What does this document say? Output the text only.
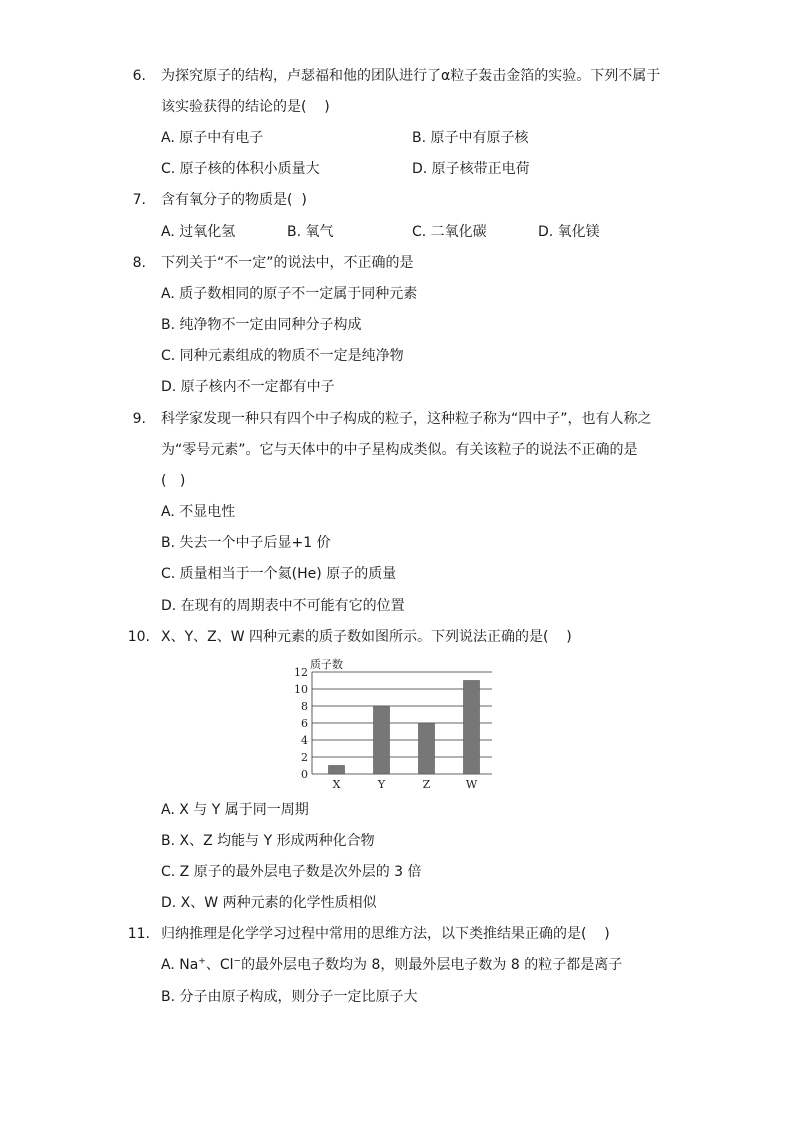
6. 为探究原子的结构，卢瑟福和他的团队进行了α粒子轰击金箔的实验。下列不属于
该实验获得的结论的是(    )
A. 原子中有电子	B. 原子中有原子核
C. 原子核的体积小质量大	D. 原子核带正电荷
7. 含有氧分子的物质是(  )
A. 过氧化氢	B. 氧气	C. 二氧化碳	D. 氧化镁
8. 下列关于“不一定”的说法中，不正确的是
A. 质子数相同的原子不一定属于同种元素
B. 纯净物不一定由同种分子构成
C. 同种元素组成的物质不一定是纯净物
D. 原子核内不一定都有中子
9. 科学家发现一种只有四个中子构成的粒子，这种粒子称为“四中子”，也有人称之
为“零号元素”。它与天体中的中子星构成类似。有关该粒子的说法不正确的是
(   )
A. 不显电性
B. 失去一个中子后显+1 价
C. 质量相当于一个氦(He) 原子的质量
D. 在现有的周期表中不可能有它的位置
10. X、Y、Z、W 四种元素的质子数如图所示。下列说法正确的是(    )
质子数
0
2
4
6
8
10
12
X	Y	Z	W
A. X 与 Y 属于同一周期
B. X、Z 均能与 Y 形成两种化合物
C. Z 原子的最外层电子数是次外层的 3 倍
D. X、W 两种元素的化学性质相似
11. 归纳推理是化学学习过程中常用的思维方法，以下类推结果正确的是(    )
A. Na+、Cl−的最外层电子数均为 8，则最外层电子数为 8 的粒子都是离子
B. 分子由原子构成，则分子一定比原子大
